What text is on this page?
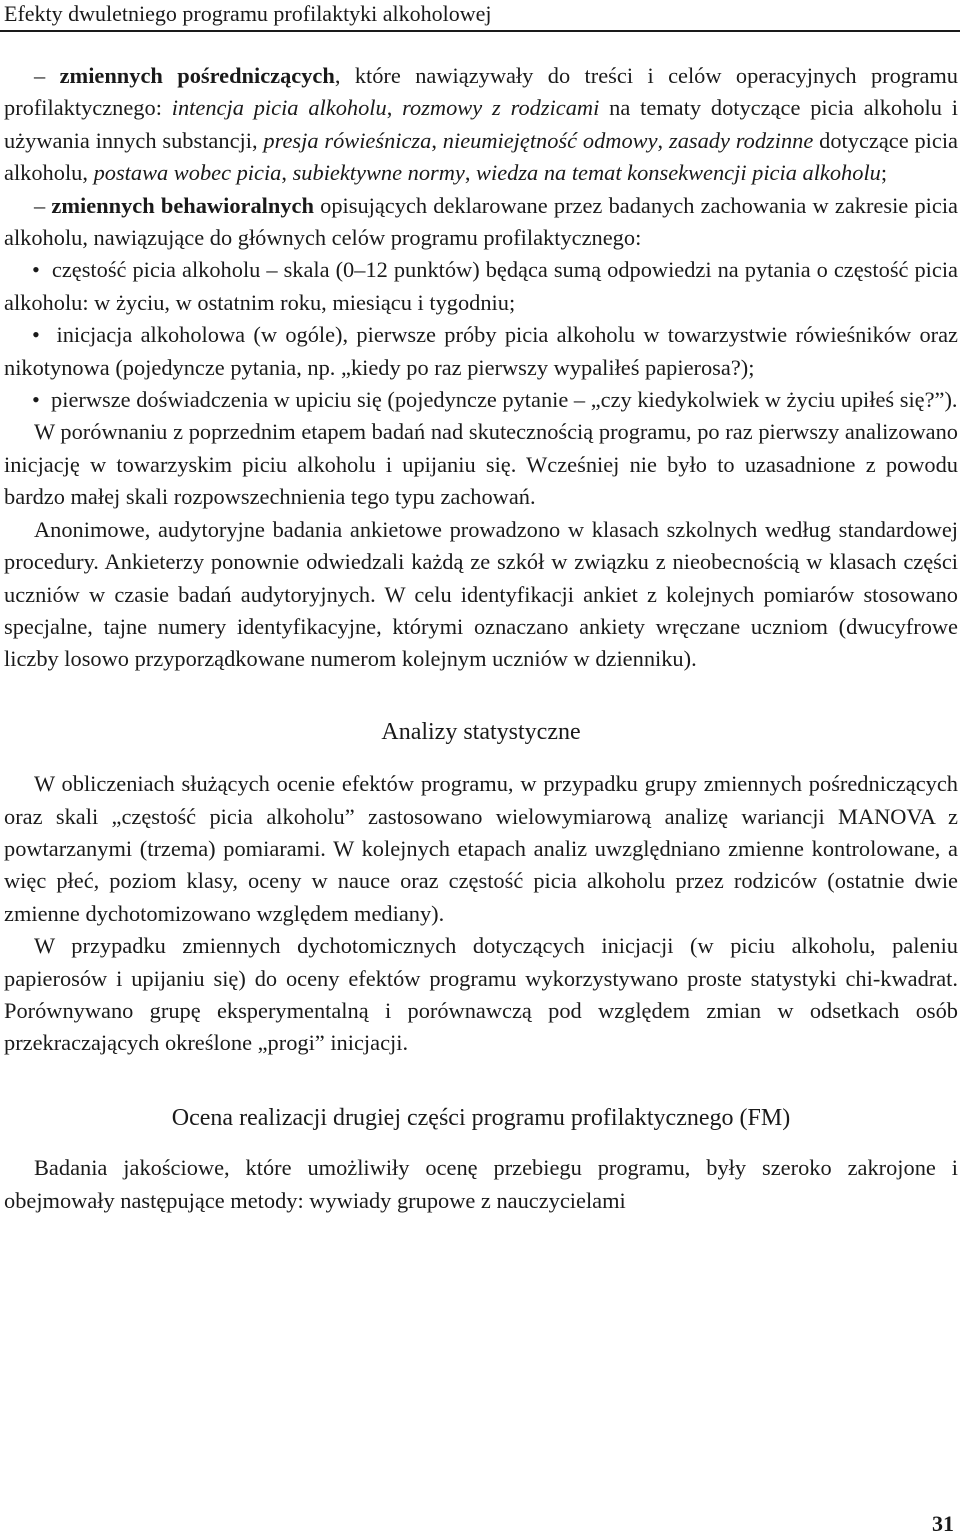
Efekty dwuletniego programu profilaktyki alkoholowej

– zmiennych pośredniczących, które nawiązywały do treści i celów operacyjnych programu profilaktycznego: intencja picia alkoholu, rozmowy z rodzicami na tematy dotyczące picia alkoholu i używania innych substancji, presja rówieśnicza, nieumiejętność odmowy, zasady rodzinne dotyczące picia alkoholu, postawa wobec picia, subiektywne normy, wiedza na temat konsekwencji picia alkoholu;

– zmiennych behawioralnych opisujących deklarowane przez badanych zachowania w zakresie picia alkoholu, nawiązujące do głównych celów programu profilaktycznego:

• częstość picia alkoholu – skala (0–12 punktów) będąca sumą odpowiedzi na pytania o częstość picia alkoholu: w życiu, w ostatnim roku, miesiącu i tygodniu;

• inicjacja alkoholowa (w ogóle), pierwsze próby picia alkoholu w towarzystwie rówieśników oraz nikotynowa (pojedyncze pytania, np. „kiedy po raz pierwszy wypaliłeś papierosa?);

• pierwsze doświadczenia w upiciu się (pojedyncze pytanie – „czy kiedykolwiek w życiu upiłeś się?”).

W porównaniu z poprzednim etapem badań nad skutecznością programu, po raz pierwszy analizowano inicjację w towarzyskim piciu alkoholu i upijaniu się. Wcześniej nie było to uzasadnione z powodu bardzo małej skali rozpowszechnienia tego typu zachowań.

Anonimowe, audytoryjne badania ankietowe prowadzono w klasach szkolnych według standardowej procedury. Ankieterzy ponownie odwiedzali każdą ze szkół w związku z nieobecnością w klasach części uczniów w czasie badań audytoryjnych. W celu identyfikacji ankiet z kolejnych pomiarów stosowano specjalne, tajne numery identyfikacyjne, którymi oznaczano ankiety wręczane uczniom (dwucyfrowe liczby losowo przyporządkowane numerom kolejnym uczniów w dzienniku).

Analizy statystyczne

W obliczeniach służących ocenie efektów programu, w przypadku grupy zmiennych pośredniczących oraz skali „częstość picia alkoholu” zastosowano wielowymiarową analizę wariancji MANOVA z powtarzanymi (trzema) pomiarami. W kolejnych etapach analiz uwzględniano zmienne kontrolowane, a więc płeć, poziom klasy, oceny w nauce oraz częstość picia alkoholu przez rodziców (ostatnie dwie zmienne dychotomizowano względem mediany).

W przypadku zmiennych dychotomicznych dotyczących inicjacji (w piciu alkoholu, paleniu papierosów i upijaniu się) do oceny efektów programu wykorzystywano proste statystyki chi-kwadrat. Porównywano grupę eksperymentalną i porównawczą pod względem zmian w odsetkach osób przekraczających określone „progi” inicjacji.

Ocena realizacji drugiej części programu profilaktycznego (FM)

Badania jakościowe, które umożliwiły ocenę przebiegu programu, były szeroko zakrojone i obejmowały następujące metody: wywiady grupowe z nauczycielami

31
